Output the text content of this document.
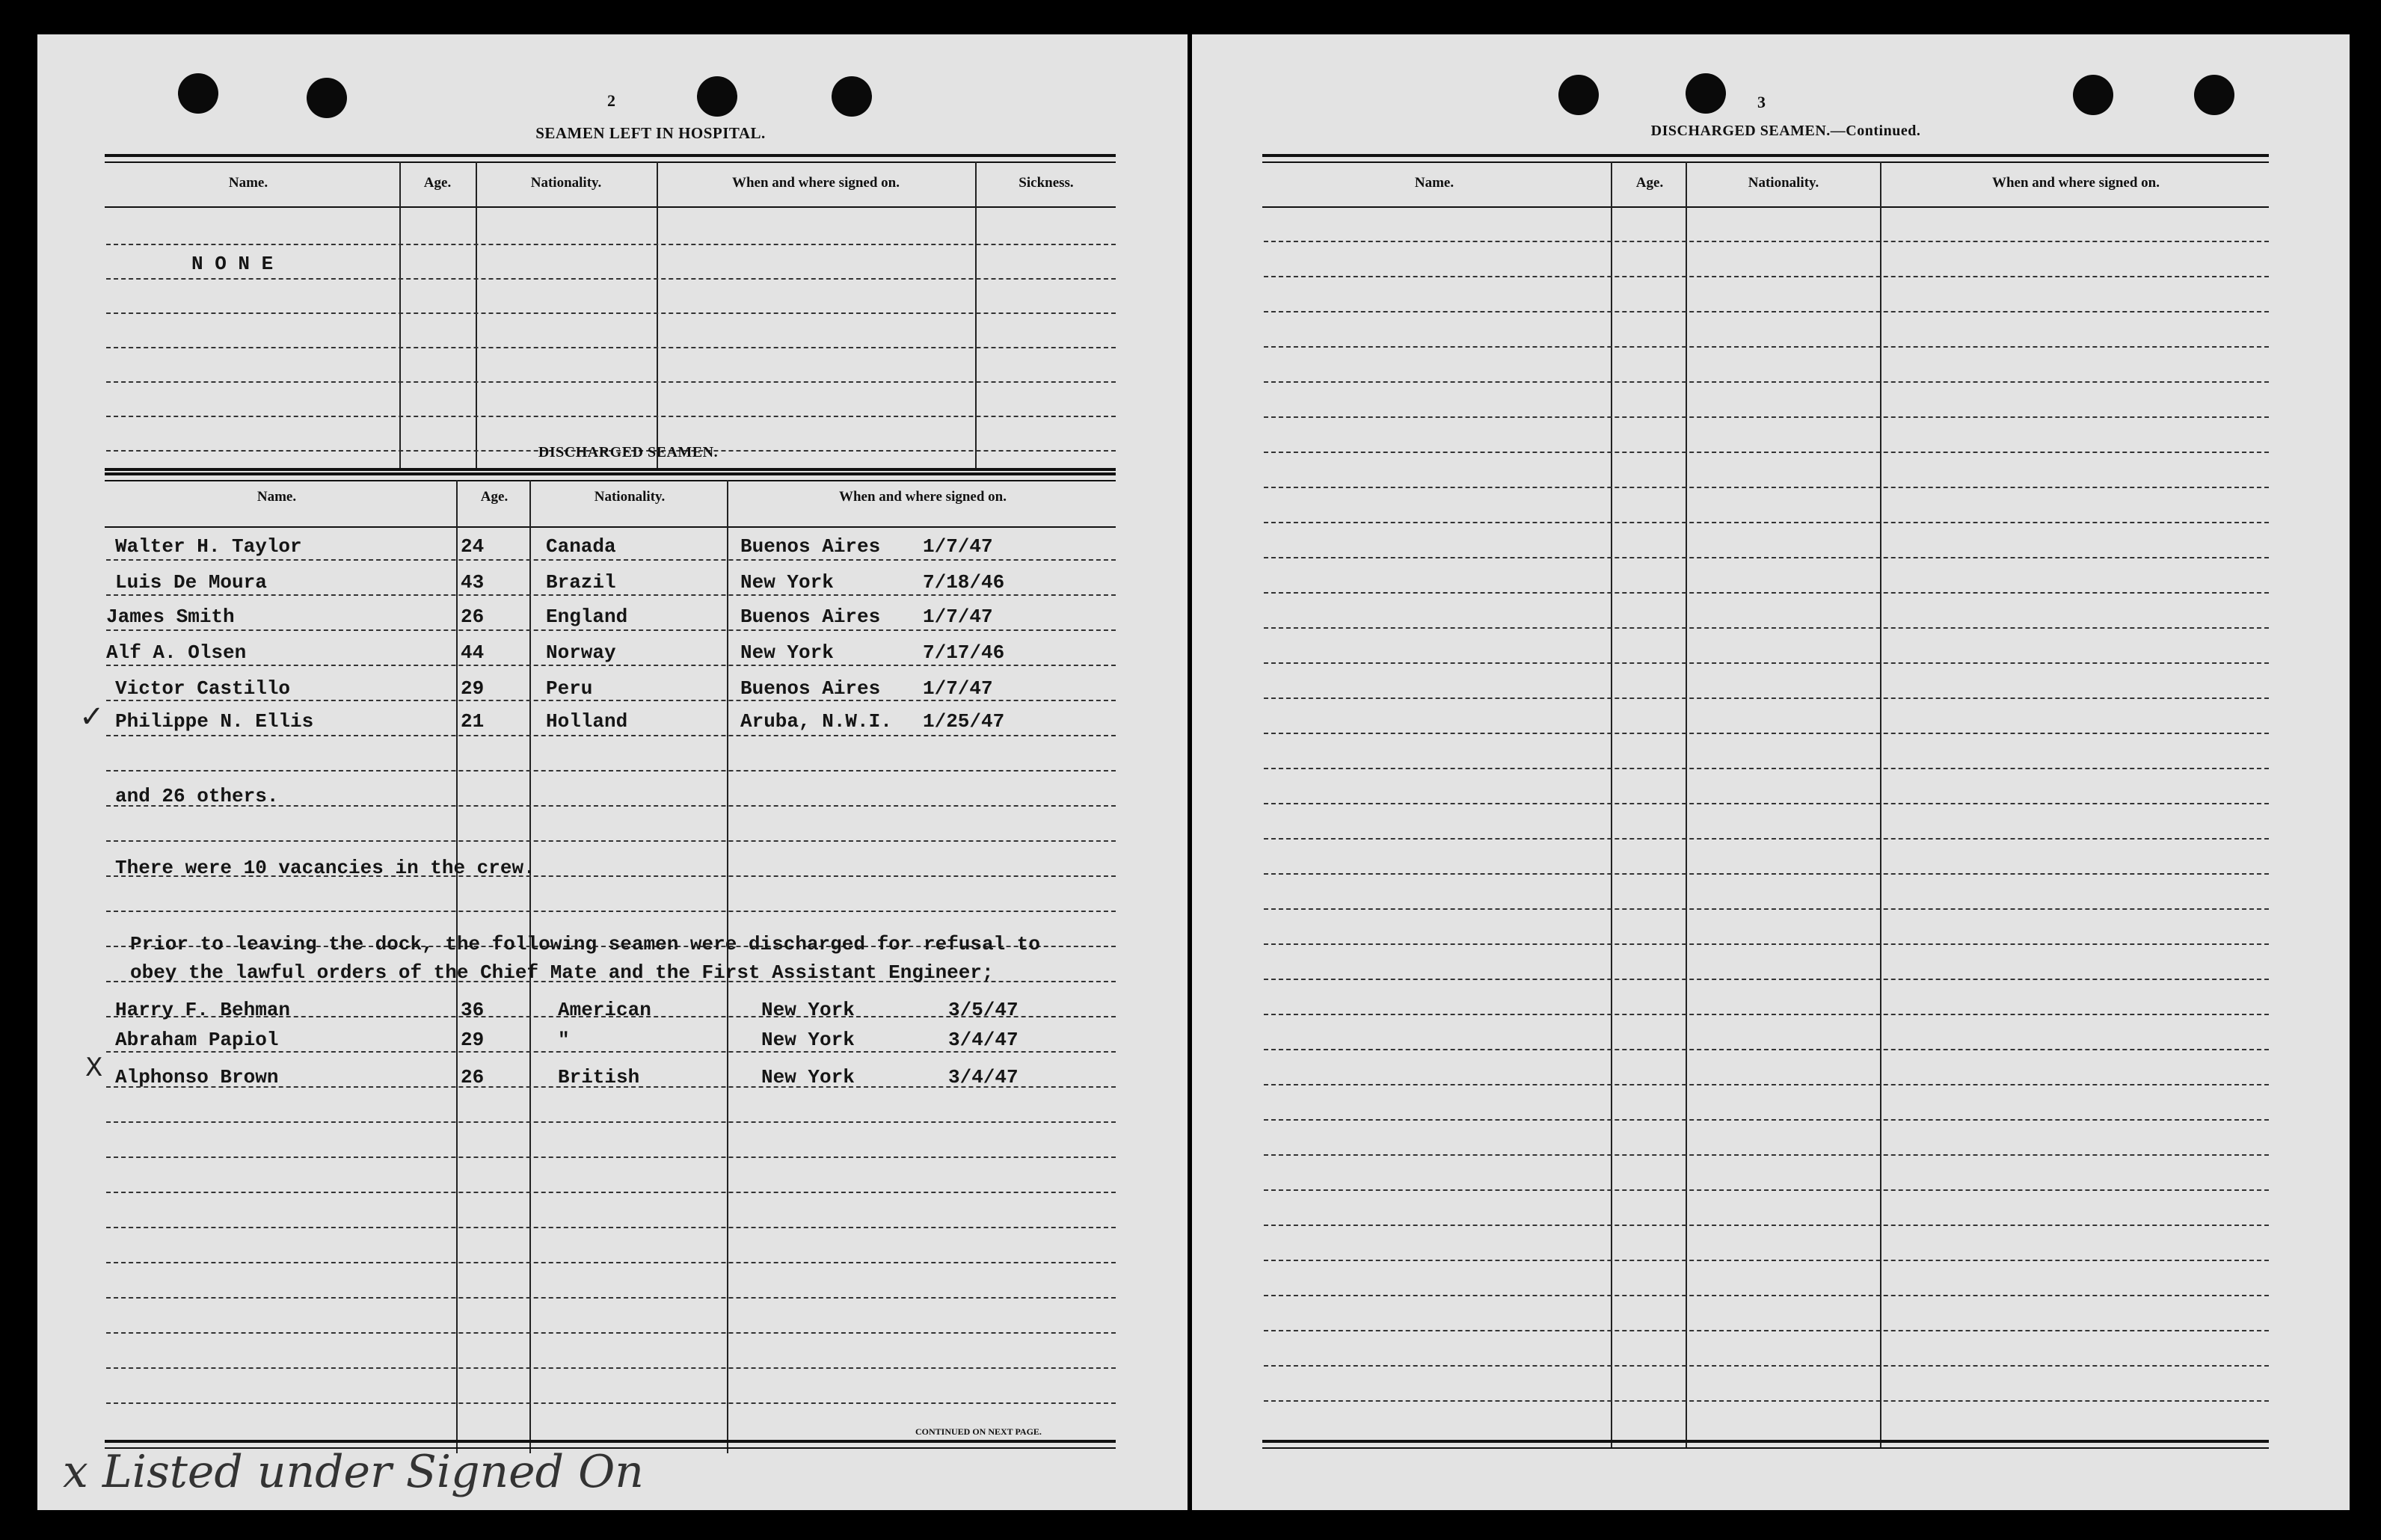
2
SEAMEN LEFT IN HOSPITAL.
Name.	Age.	Nationality.	When and where signed on.	Sickness.
N O N E
DISCHARGED SEAMEN.
Name.	Age.	Nationality.	When and where signed on.
Walter H. Taylor	24	Canada	Buenos Aires 1/7/47
Luis De Moura	43	Brazil	New York	7/18/46
James Smith	26	England	Buenos Aires 1/7/47
Alf A. Olsen	44	Norway	New York	7/17/46
Victor Castillo	29	Peru	Buenos Aires 1/7/47
✓ Philippe N. Ellis	21	Holland	Aruba, N.W.I. 1/25/47
and 26 others.
There were 10 vacancies in the crew.
Prior to leaving the dock, the following seamen were discharged for refusal to
obey the lawful orders of the Chief Mate and the First Assistant Engineer;
Harry F. Behman	36	American	New York	3/5/47
Abraham Papiol	29	"	New York	3/4/47
X Alphonso Brown	26	British	New York	3/4/47
CONTINUED ON NEXT PAGE.
x Listed under Signed On
3
DISCHARGED SEAMEN.—Continued.
Name.	Age.	Nationality.	When and where signed on.
